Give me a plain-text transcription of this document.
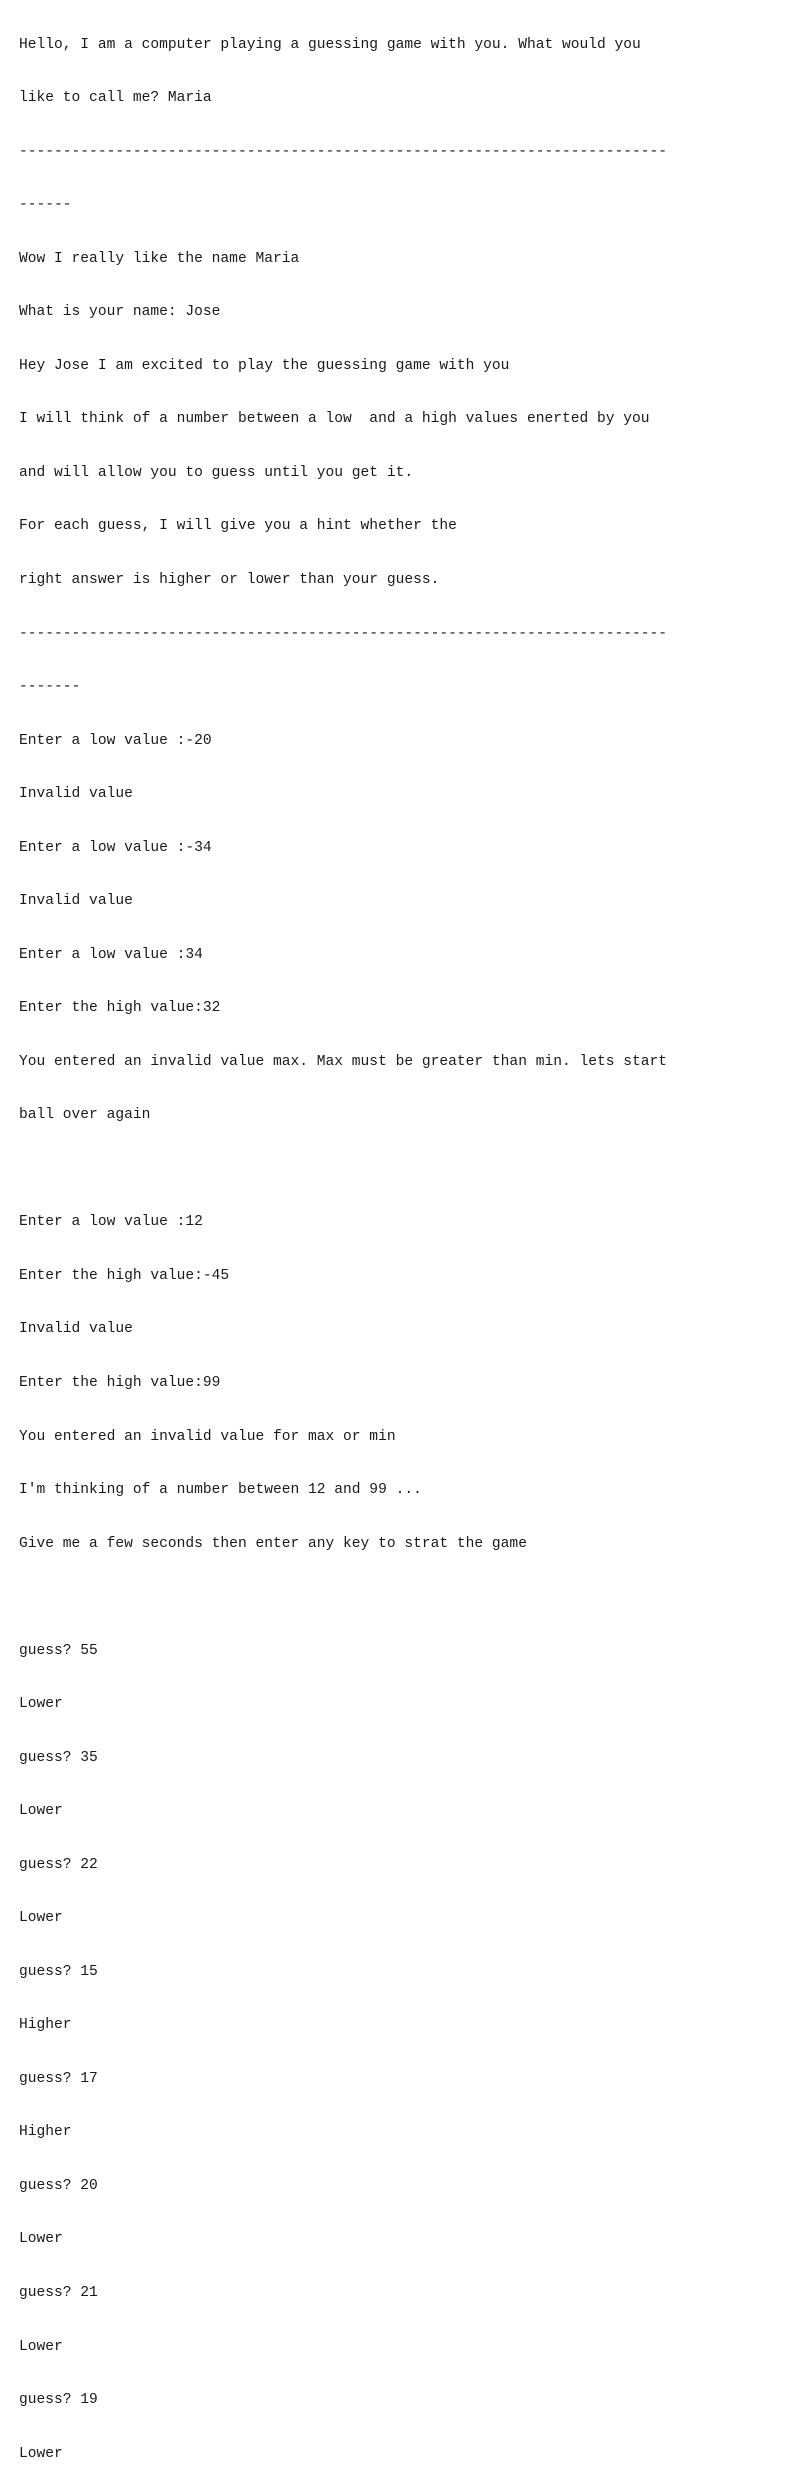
Hello, I am a computer playing a guessing game with you. What would you

like to call me? Maria

--------------------------------------------------------------------------

------

Wow I really like the name Maria

What is your name: Jose

Hey Jose I am excited to play the guessing game with you

I will think of a number between a low  and a high values enerted by you

and will allow you to guess until you get it.

For each guess, I will give you a hint whether the

right answer is higher or lower than your guess.

--------------------------------------------------------------------------

-------

Enter a low value :-20

Invalid value

Enter a low value :-34

Invalid value

Enter a low value :34

Enter the high value:32

You entered an invalid value max. Max must be greater than min. lets start

ball over again

Enter a low value :12

Enter the high value:-45

Invalid value

Enter the high value:99

You entered an invalid value for max or min

I'm thinking of a number between 12 and 99 ...

Give me a few seconds then enter any key to strat the game

guess? 55

Lower

guess? 35

Lower

guess? 22

Lower

guess? 15

Higher

guess? 17

Higher

guess? 20

Lower

guess? 21

Lower

guess? 19

Lower
